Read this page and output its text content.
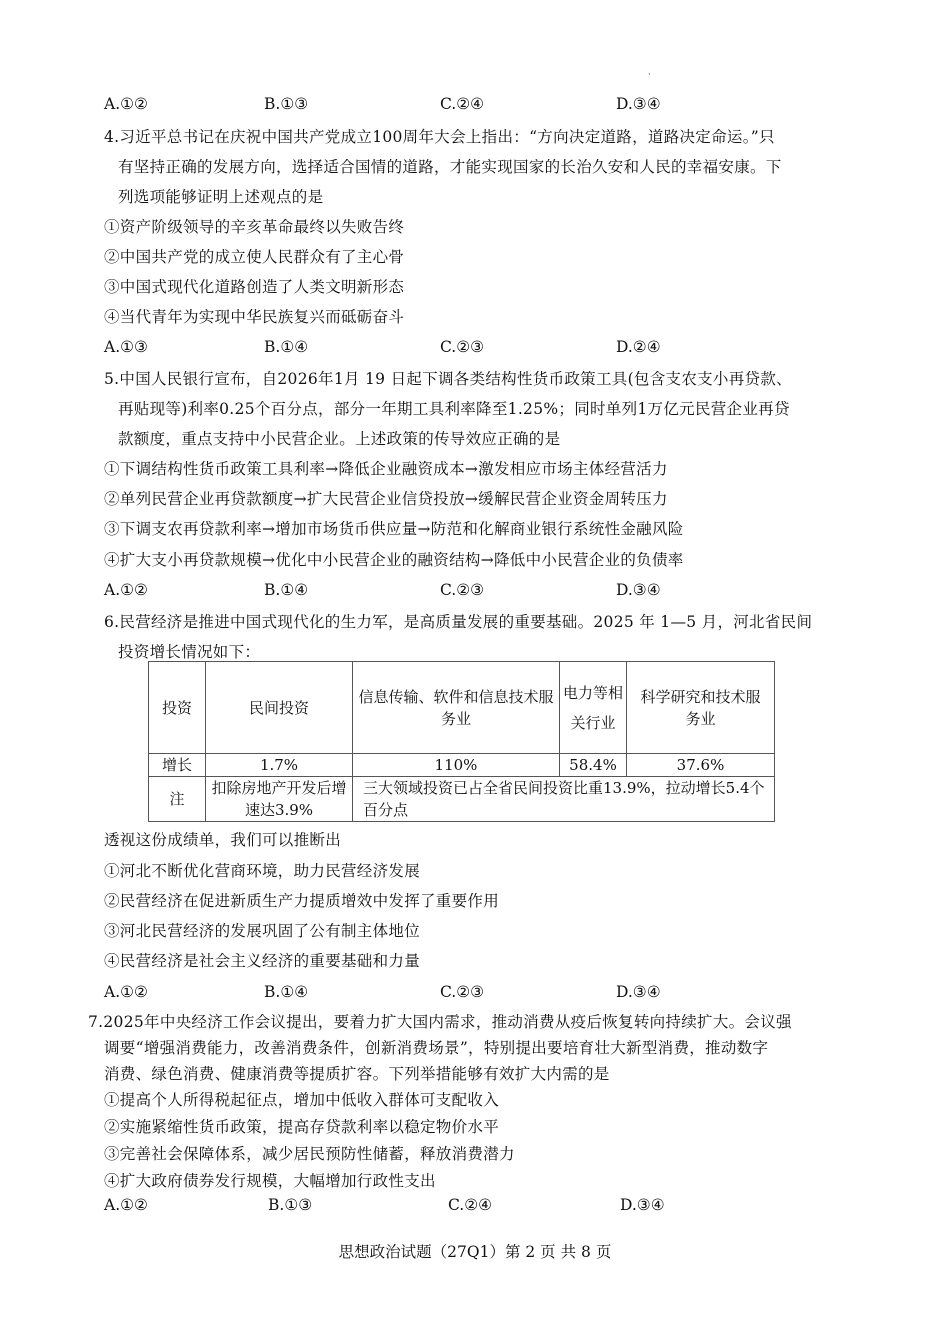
·
A.①②	B.①③	C.②④	D.③④
4.习近平总书记在庆祝中国共产党成立100周年大会上指出：“方向决定道路，道路决定命运。”只
有坚持正确的发展方向，选择适合国情的道路，才能实现国家的长治久安和人民的幸福安康。下
列选项能够证明上述观点的是
①资产阶级领导的辛亥革命最终以失败告终
②中国共产党的成立使人民群众有了主心骨
③中国式现代化道路创造了人类文明新形态
④当代青年为实现中华民族复兴而砥砺奋斗
A.①③	B.①④	C.②③	D.②④
5.中国人民银行宣布，自2026年1月 19 日起下调各类结构性货币政策工具(包含支农支小再贷款、
再贴现等)利率0.25个百分点，部分一年期工具利率降至1.25%；同时单列1万亿元民营企业再贷
款额度，重点支持中小民营企业。上述政策的传导效应正确的是
①下调结构性货币政策工具利率→降低企业融资成本→激发相应市场主体经营活力
②单列民营企业再贷款额度→扩大民营企业信贷投放→缓解民营企业资金周转压力
③下调支农再贷款利率→增加市场货币供应量→防范和化解商业银行系统性金融风险
④扩大支小再贷款规模→优化中小民营企业的融资结构→降低中小民营企业的负债率
A.①②	B.①④	C.②③	D.③④
6.民营经济是推进中国式现代化的生力军，是高质量发展的重要基础。2025 年 1—5 月，河北省民间
投资增长情况如下：
投资	民间投资	信息传输、软件和信息技术服务业	电力等相关行业	科学研究和技术服务业
增长	1.7%	110%	58.4%	37.6%
注	扣除房地产开发后增速达3.9%	三大领域投资已占全省民间投资比重13.9%，拉动增长5.4个百分点		
透视这份成绩单，我们可以推断出
①河北不断优化营商环境，助力民营经济发展
②民营经济在促进新质生产力提质增效中发挥了重要作用
③河北民营经济的发展巩固了公有制主体地位
④民营经济是社会主义经济的重要基础和力量
A.①②	B.①④	C.②③	D.③④
7.2025年中央经济工作会议提出，要着力扩大国内需求，推动消费从疫后恢复转向持续扩大。会议强
调要“增强消费能力，改善消费条件，创新消费场景”，特别提出要培育壮大新型消费，推动数字
消费、绿色消费、健康消费等提质扩容。下列举措能够有效扩大内需的是
①提高个人所得税起征点，增加中低收入群体可支配收入
②实施紧缩性货币政策，提高存贷款利率以稳定物价水平
③完善社会保障体系，减少居民预防性储蓄，释放消费潜力
④扩大政府债券发行规模，大幅增加行政性支出
A.①②	B.①③	C.②④	D.③④
思想政治试题（27Q1）第 2 页 共 8 页
